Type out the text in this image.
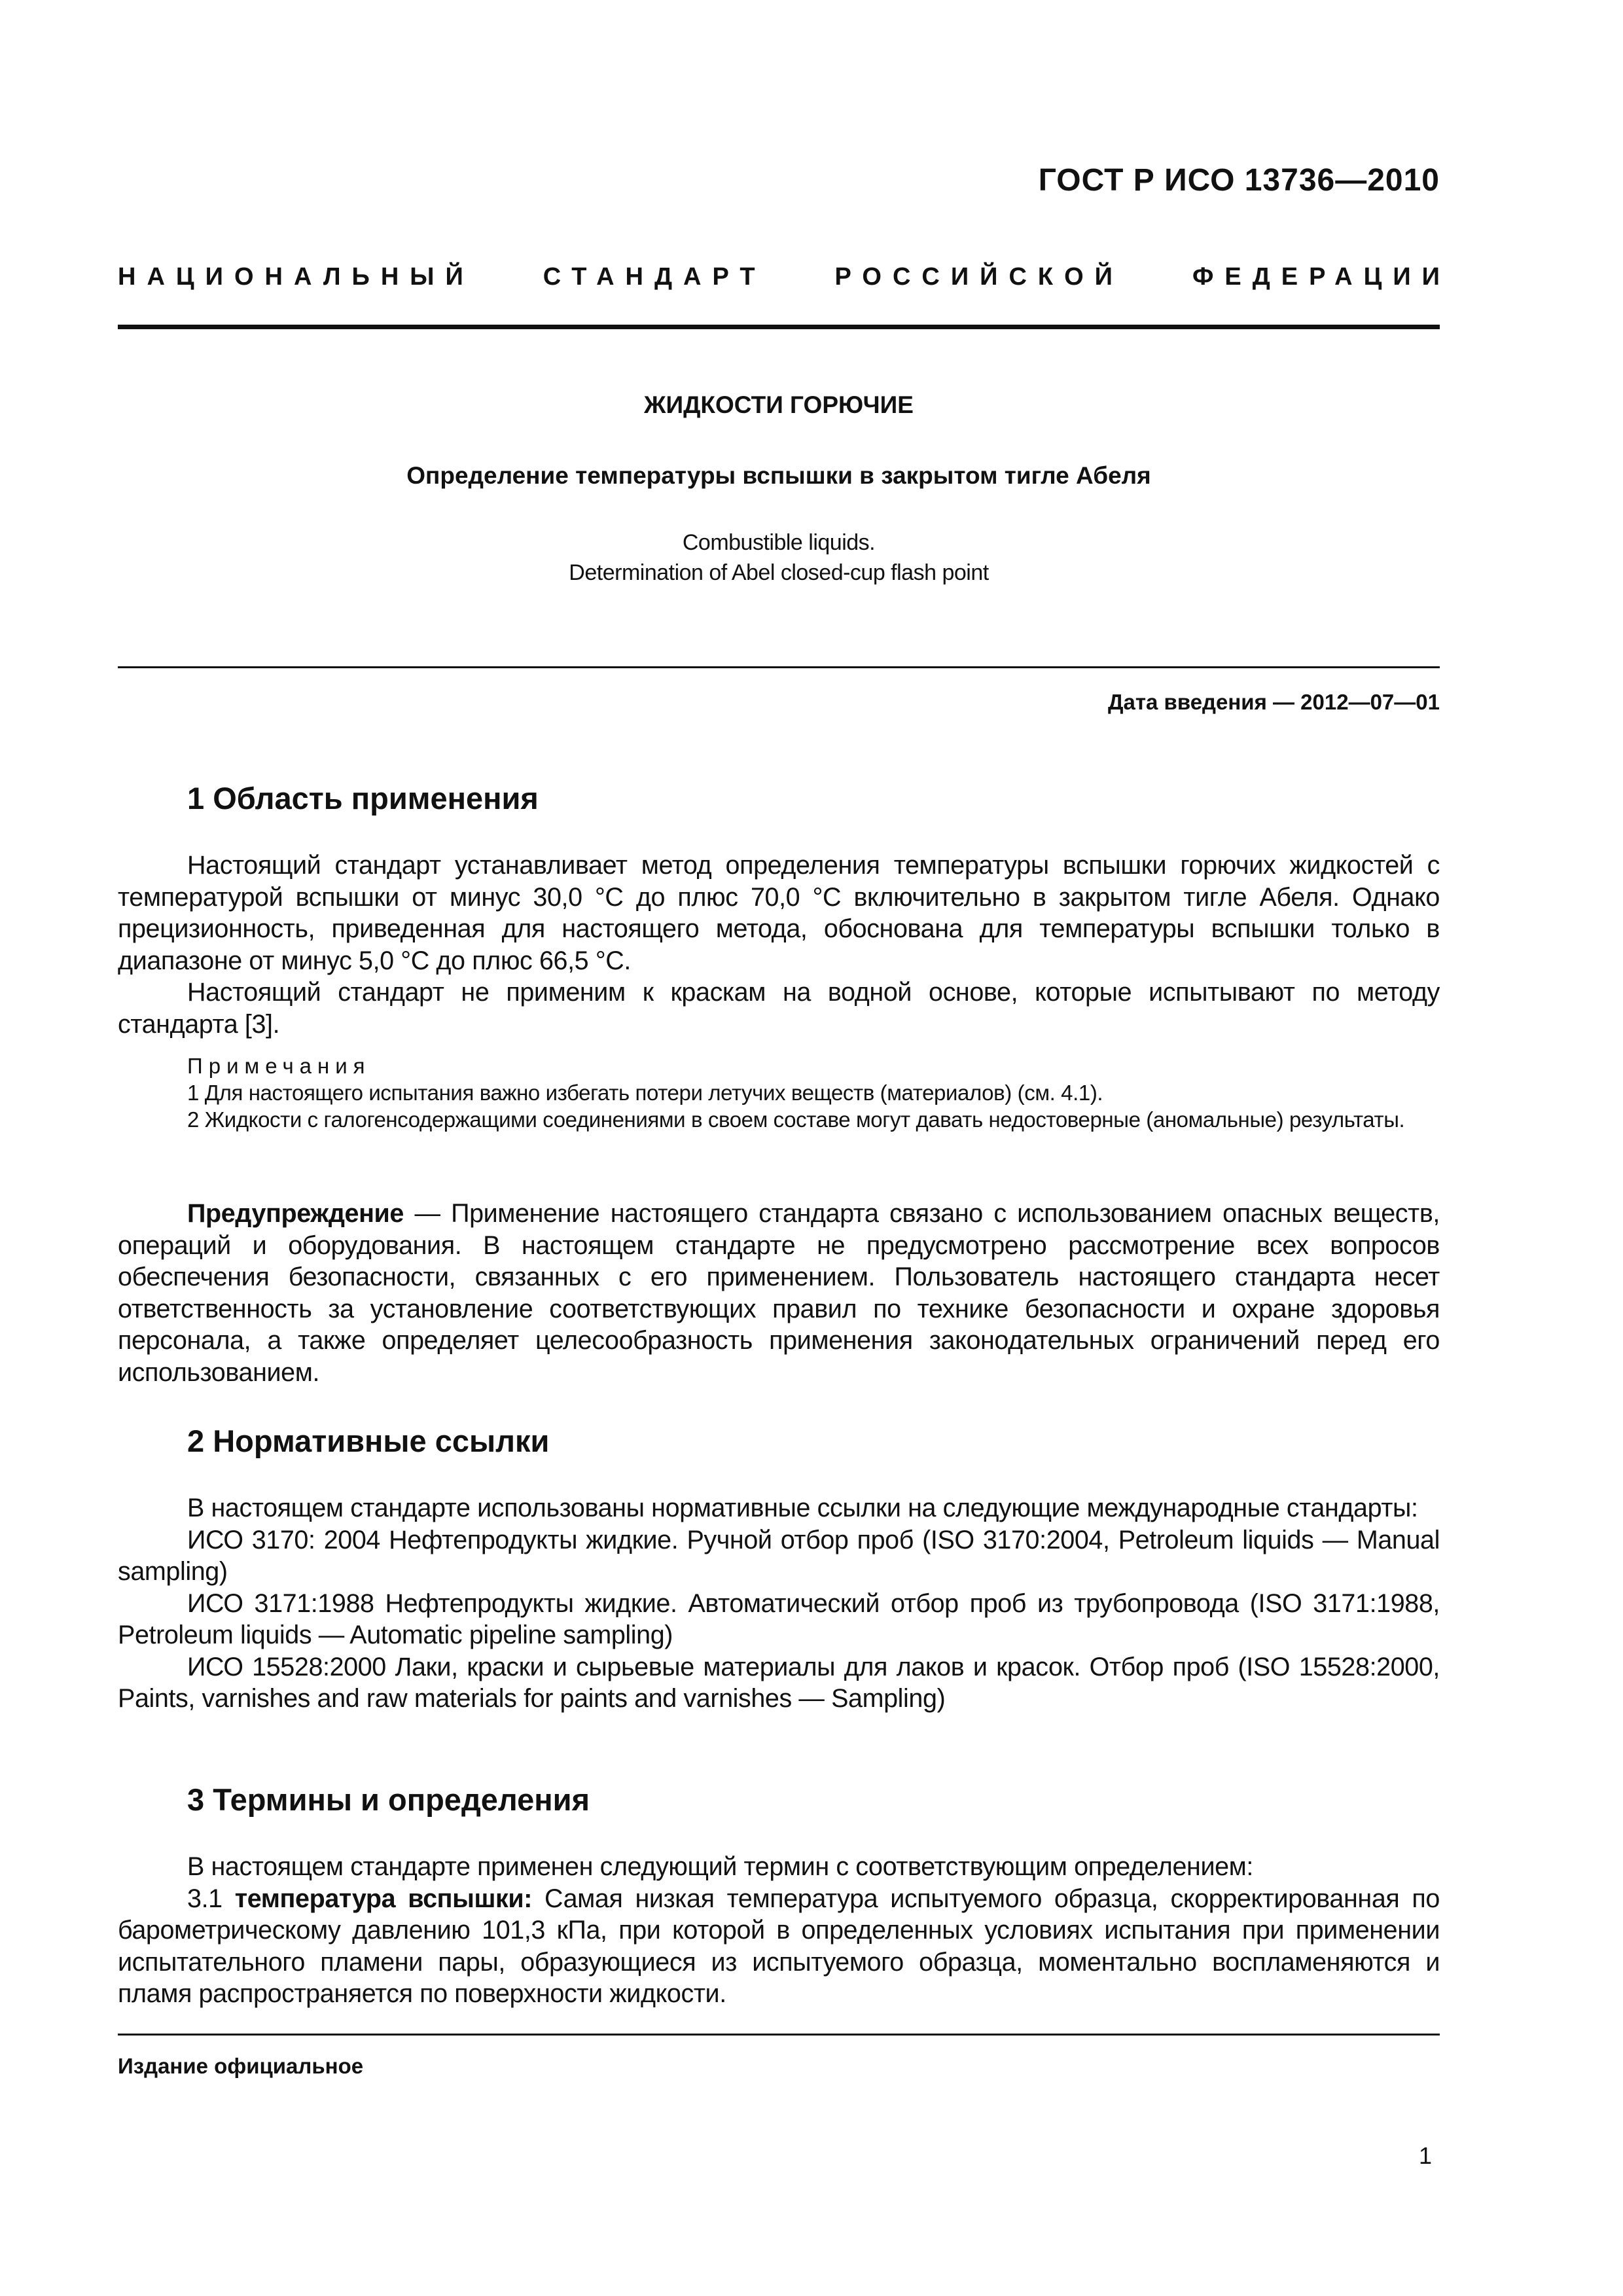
ГОСТ Р ИСО 13736—2010
НАЦИОНАЛЬНЫЙ	СТАНДАРТ	РОССИЙСКОЙ	ФЕДЕРАЦИИ
ЖИДКОСТИ ГОРЮЧИЕ
Определение температуры вспышки в закрытом тигле Абеля
Combustible liquids.
Determination of Abel closed-cup flash point
Дата введения — 2012—07—01
1 Область применения

Настоящий стандарт устанавливает метод определения температуры вспышки горючих жидкостей с температурой вспышки от минус 30,0 °С до плюс 70,0 °С включительно в закрытом тигле Абеля. Однако прецизионность, приведенная для настоящего метода, обоснована для температуры вспышки только в диапазоне от минус 5,0 °С до плюс 66,5 °С.

Настоящий стандарт не применим к краскам на водной основе, которые испытывают по методу стандарта [3].

Примечания

1 Для настоящего испытания важно избегать потери летучих веществ (материалов) (см. 4.1).

2 Жидкости с галогенсодержащими соединениями в своем составе могут давать недостоверные (аномальные) результаты.

Предупреждение — Применение настоящего стандарта связано с использованием опасных веществ, операций и оборудования. В настоящем стандарте не предусмотрено рассмотрение всех вопросов обеспечения безопасности, связанных с его применением. Пользователь настоящего стандарта несет ответственность за установление соответствующих правил по технике безопасности и охране здоровья персонала, а также определяет целесообразность применения законодательных ограничений перед его использованием.

2 Нормативные ссылки

В настоящем стандарте использованы нормативные ссылки на следующие международные стандарты:

ИСО 3170: 2004 Нефтепродукты жидкие. Ручной отбор проб (ISO 3170:2004, Petroleum liquids — Manual sampling)

ИСО 3171:1988 Нефтепродукты жидкие. Автоматический отбор проб из трубопровода (ISO 3171:1988, Petroleum liquids — Automatic pipeline sampling)

ИСО 15528:2000 Лаки, краски и сырьевые материалы для лаков и красок. Отбор проб (ISO 15528:2000, Paints, varnishes and raw materials for paints and varnishes — Sampling)

3 Термины и определения

В настоящем стандарте применен следующий термин с соответствующим определением:

3.1 температура вспышки: Самая низкая температура испытуемого образца, скорректированная по барометрическому давлению 101,3 кПа, при которой в определенных условиях испытания при применении испытательного пламени пары, образующиеся из испытуемого образца, моментально воспламеняются и пламя распространяется по поверхности жидкости.

Издание официальное
1
